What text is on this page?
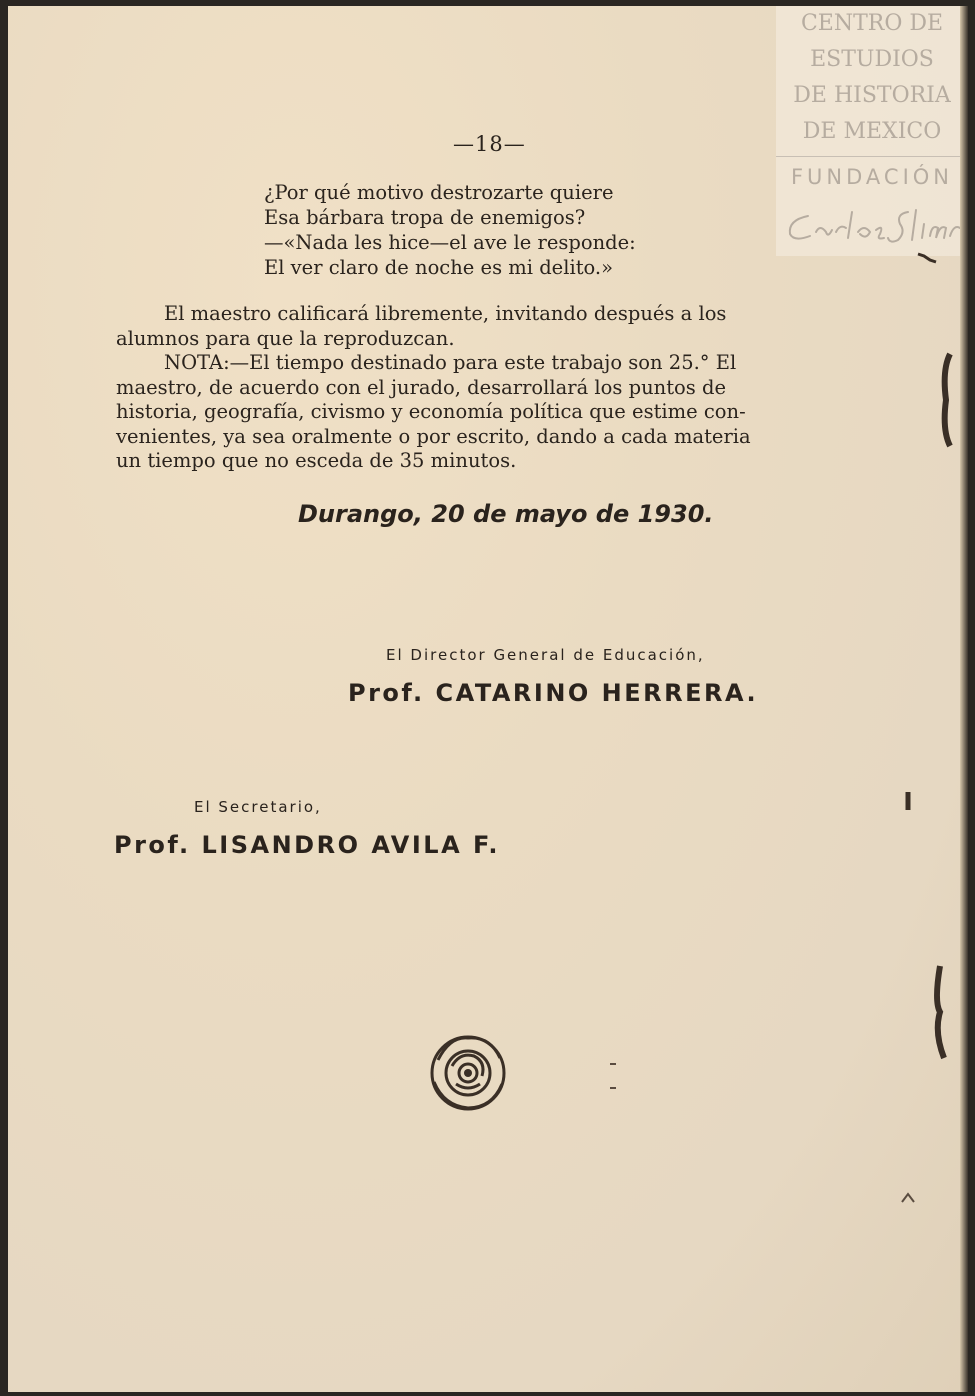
—18—
¿Por qué motivo destrozarte quiere
Esa bárbara tropa de enemigos?
—«Nada les hice—el ave le responde:
El ver claro de noche es mi delito.»
El maestro calificará libremente, invitando después a los
alumnos para que la reproduzcan.
NOTA:—El tiempo destinado para este trabajo son 25.° El
maestro, de acuerdo con el jurado, desarrollará los puntos de
historia, geografía, civismo y economía política que estime con-
venientes, ya sea oralmente o por escrito, dando a cada materia
un tiempo que no esceda de 35 minutos.
Durango, 20 de mayo de 1930.
El Director General de Educación,
Prof. CATARINO HERRERA.
El Secretario,
Prof. LISANDRO AVILA F.
CENTRO DE
ESTUDIOS
DE HISTORIA
DE MEXICO
FUNDACIÓN
